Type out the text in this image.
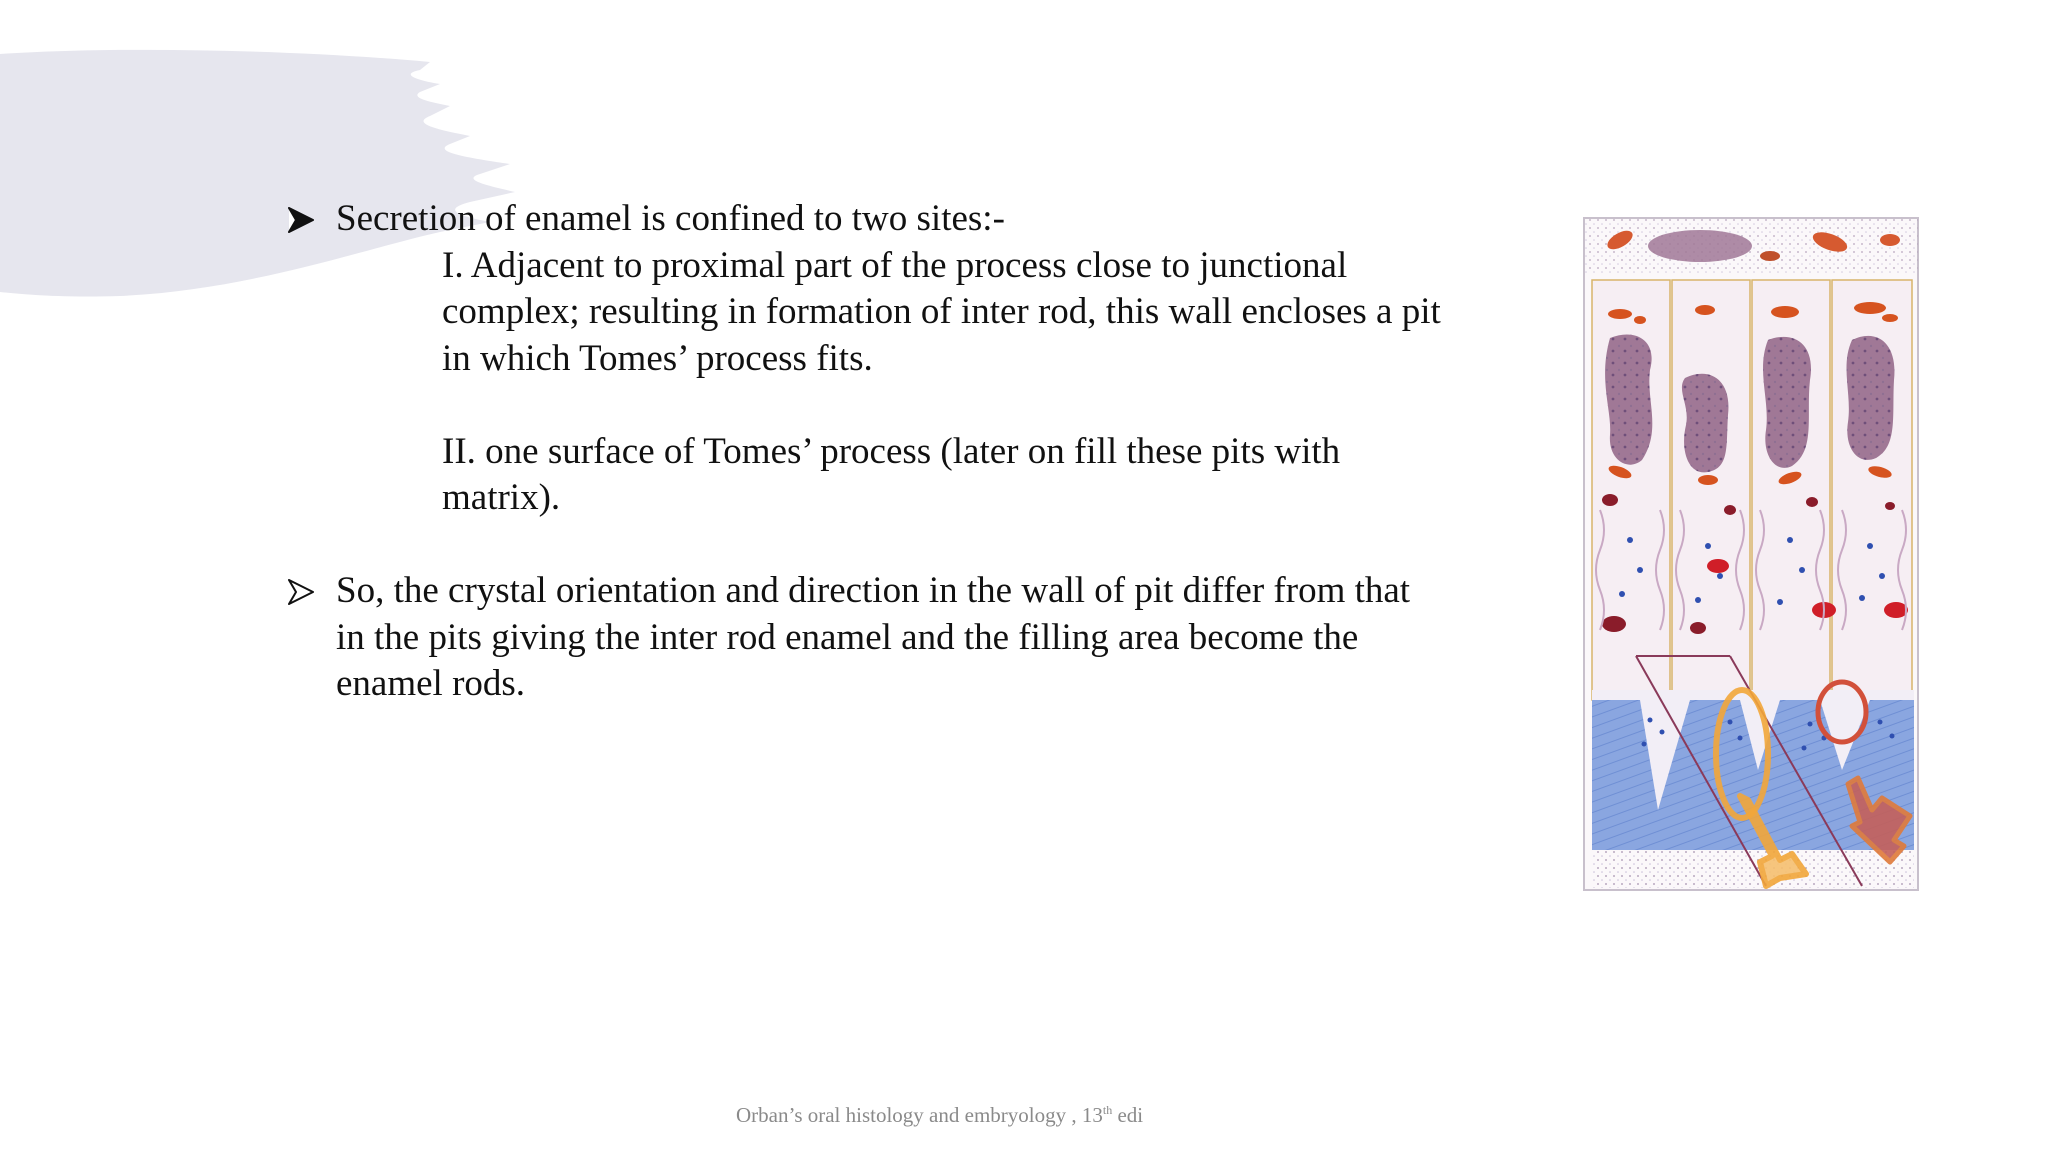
Secretion of enamel is confined to two sites:-
I. Adjacent to proximal part of the process close to junctional
complex; resulting in formation of inter rod, this wall encloses a pit
in which Tomes’ process fits.
II. one surface of Tomes’ process (later on fill these pits with
matrix).
So, the crystal orientation and direction in the wall of pit differ from that
in the pits giving the inter rod enamel and the filling area become the
enamel rods.
Orban’s oral histology and embryology , 13th edi
